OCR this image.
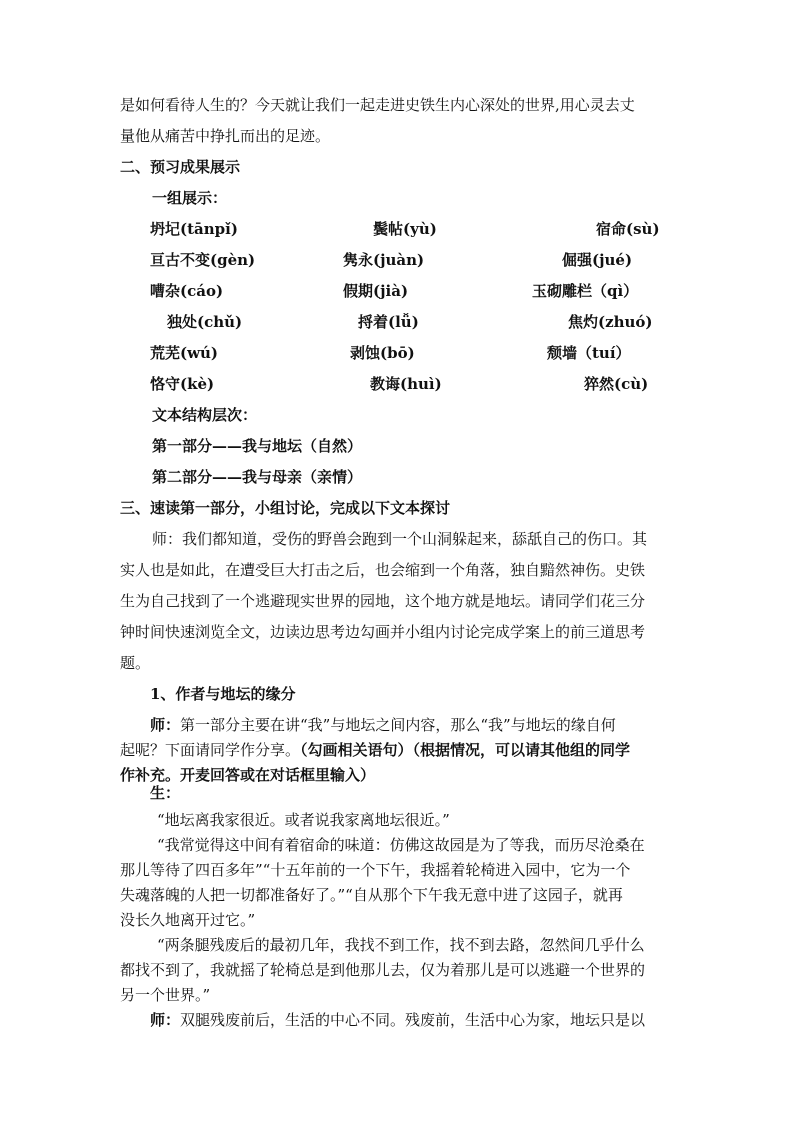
是如何看待人生的？今天就让我们一起走进史铁生内心深处的世界,用心灵去丈
量他从痛苦中挣扎而出的足迹。
二、预习成果展示
一组展示：
坍圮(tānpǐ)	鬓帖(yù)	宿命(sù)
亘古不变(gèn)	隽永(juàn)	倔强(jué)
嘈杂(cáo)	假期(jià)	玉砌雕栏（qì）
独处(chǔ)	捋着(lǚ)	焦灼(zhuó)
荒芜(wú)	剥蚀(bō)	颓墙（tuí）
恪守(kè)	教诲(huì)	猝然(cù)
文本结构层次：
第一部分——我与地坛（自然）
第二部分——我与母亲（亲情）
三、速读第一部分，小组讨论，完成以下文本探讨
师：我们都知道，受伤的野兽会跑到一个山洞躲起来，舔舐自己的伤口。其
实人也是如此，在遭受巨大打击之后，也会缩到一个角落，独自黯然神伤。史铁
生为自己找到了一个逃避现实世界的园地，这个地方就是地坛。请同学们花三分
钟时间快速浏览全文，边读边思考边勾画并小组内讨论完成学案上的前三道思考
题。
1、作者与地坛的缘分
师：第一部分主要在讲“我”与地坛之间内容，那么“我”与地坛的缘自何
起呢？下面请同学作分享。（勾画相关语句）（根据情况，可以请其他组的同学
作补充。开麦回答或在对话框里输入）
生：
“地坛离我家很近。或者说我家离地坛很近。”
“我常觉得这中间有着宿命的味道：仿佛这故园是为了等我，而历尽沧桑在
那儿等待了四百多年”“十五年前的一个下午，我摇着轮椅进入园中，它为一个
失魂落魄的人把一切都准备好了。”“自从那个下午我无意中进了这园子，就再
没长久地离开过它。”
“两条腿残废后的最初几年，我找不到工作，找不到去路，忽然间几乎什么
都找不到了，我就摇了轮椅总是到他那儿去，仅为着那儿是可以逃避一个世界的
另一个世界。”
师：双腿残废前后，生活的中心不同。残废前，生活中心为家，地坛只是以
